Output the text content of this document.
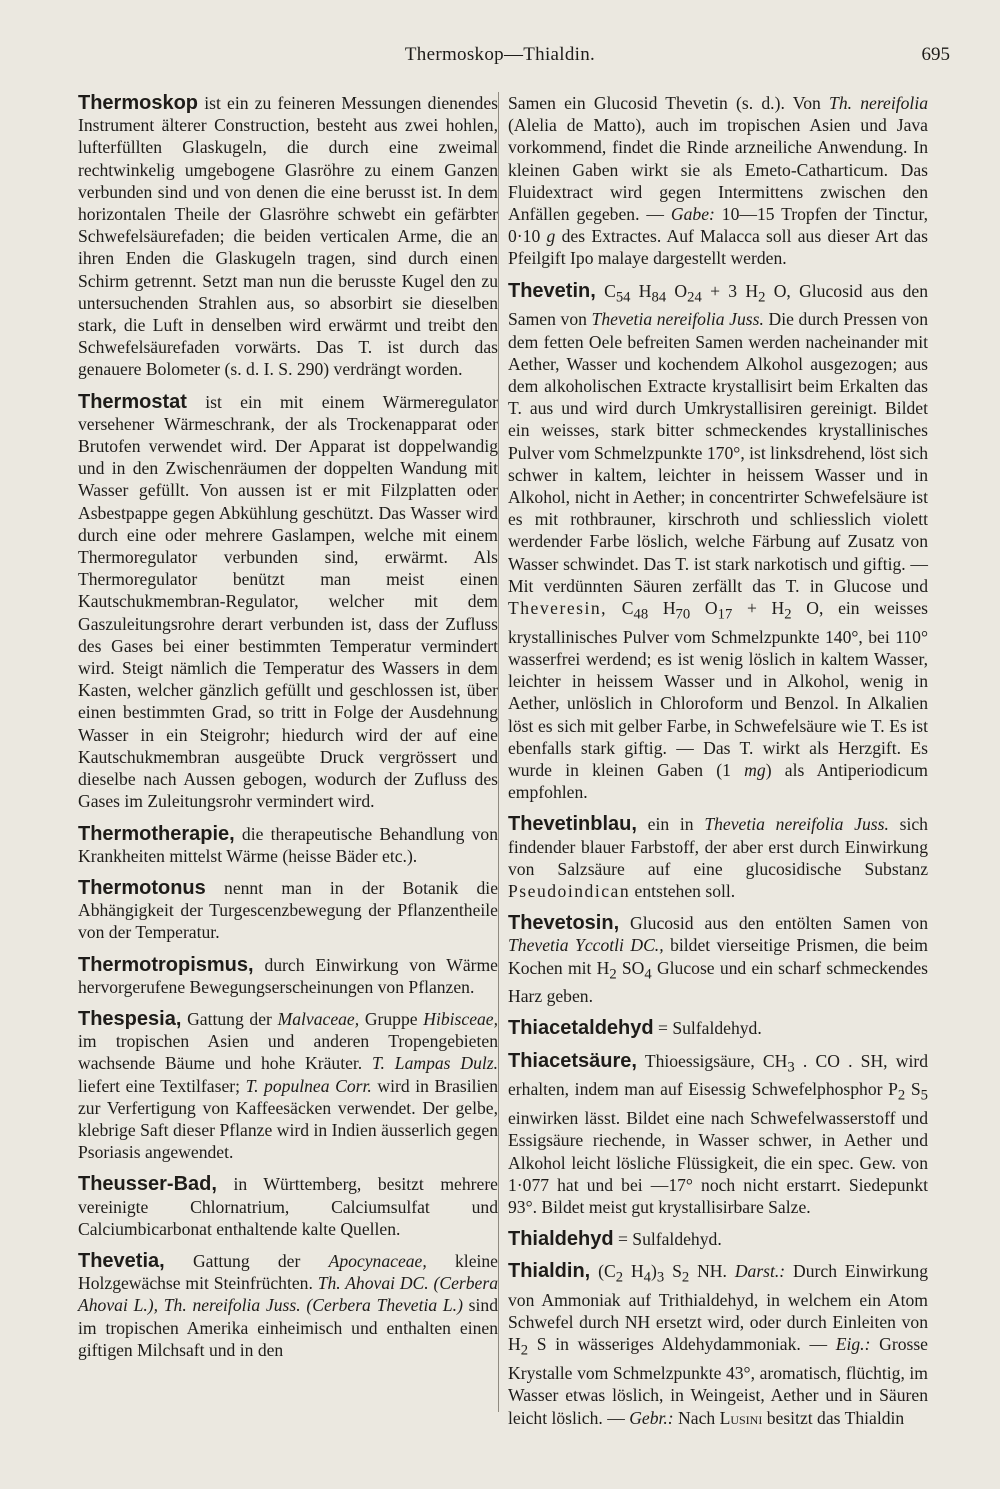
Thermoskop—Thialdin.	695

Thermoskop ist ein zu feineren Messungen dienendes Instrument älterer Construction, besteht aus zwei hohlen, lufterfüllten Glaskugeln, die durch eine zweimal rechtwinkelig umgebogene Glasröhre zu einem Ganzen verbunden sind und von denen die eine berusst ist. In dem horizontalen Theile der Glasröhre schwebt ein gefärbter Schwefelsäurefaden; die beiden verticalen Arme, die an ihren Enden die Glaskugeln tragen, sind durch einen Schirm getrennt. Setzt man nun die berusste Kugel den zu untersuchenden Strahlen aus, so absorbirt sie dieselben stark, die Luft in denselben wird erwärmt und treibt den Schwefelsäurefaden vorwärts. Das T. ist durch das genauere Bolometer (s. d. I. S. 290) verdrängt worden.

Thermostat ist ein mit einem Wärmeregulator versehener Wärmeschrank, der als Trockenapparat oder Brutofen verwendet wird. Der Apparat ist doppelwandig und in den Zwischenräumen der doppelten Wandung mit Wasser gefüllt. Von aussen ist er mit Filzplatten oder Asbestpappe gegen Abkühlung geschützt. Das Wasser wird durch eine oder mehrere Gaslampen, welche mit einem Thermoregulator verbunden sind, erwärmt. Als Thermoregulator benützt man meist einen Kautschukmembran-Regulator, welcher mit dem Gaszuleitungsrohre derart verbunden ist, dass der Zufluss des Gases bei einer bestimmten Temperatur vermindert wird. Steigt nämlich die Temperatur des Wassers in dem Kasten, welcher gänzlich gefüllt und geschlossen ist, über einen bestimmten Grad, so tritt in Folge der Ausdehnung Wasser in ein Steigrohr; hiedurch wird der auf eine Kautschukmembran ausgeübte Druck vergrössert und dieselbe nach Aussen gebogen, wodurch der Zufluss des Gases im Zuleitungsrohr vermindert wird.

Thermotherapie, die therapeutische Behandlung von Krankheiten mittelst Wärme (heisse Bäder etc.).

Thermotonus nennt man in der Botanik die Abhängigkeit der Turgescenzbewegung der Pflanzentheile von der Temperatur.

Thermotropismus, durch Einwirkung von Wärme hervorgerufene Bewegungserscheinungen von Pflanzen.

Thespesia, Gattung der Malvaceae, Gruppe Hibisceae, im tropischen Asien und anderen Tropengebieten wachsende Bäume und hohe Kräuter. T. Lampas Dulz. liefert eine Textilfaser; T. populnea Corr. wird in Brasilien zur Verfertigung von Kaffeesäcken verwendet. Der gelbe, klebrige Saft dieser Pflanze wird in Indien äusserlich gegen Psoriasis angewendet.

Theusser-Bad, in Württemberg, besitzt mehrere vereinigte Chlornatrium, Calciumsulfat und Calciumbicarbonat enthaltende kalte Quellen.

Thevetia, Gattung der Apocynaceae, kleine Holzgewächse mit Steinfrüchten. Th. Ahovai DC. (Cerbera Ahovai L.), Th. nereifolia Juss. (Cerbera Thevetia L.) sind im tropischen Amerika einheimisch und enthalten einen giftigen Milchsaft und in den

Samen ein Glucosid Thevetin (s. d.). Von Th. nereifolia (Alelia de Matto), auch im tropischen Asien und Java vorkommend, findet die Rinde arzneiliche Anwendung. In kleinen Gaben wirkt sie als Emeto-Catharticum. Das Fluidextract wird gegen Intermittens zwischen den Anfällen gegeben. — Gabe: 10—15 Tropfen der Tinctur, 0·10 g des Extractes. Auf Malacca soll aus dieser Art das Pfeilgift Ipo malaye dargestellt werden.

Thevetin, $C_{54}$ $H_{84}$ $O_{24} + 3$ $H_2$ O, Glucosid aus den Samen von Thevetia nereifolia Juss. Die durch Pressen von dem fetten Oele befreiten Samen werden nacheinander mit Aether, Wasser und kochendem Alkohol ausgezogen; aus dem alkoholischen Extracte krystallisirt beim Erkalten das T. aus und wird durch Umkrystallisiren gereinigt. Bildet ein weisses, stark bitter schmeckendes krystallinisches Pulver vom Schmelzpunkte 170°, ist linksdrehend, löst sich schwer in kaltem, leichter in heissem Wasser und in Alkohol, nicht in Aether; in concentrirter Schwefelsäure ist es mit rothbrauner, kirschroth und schliesslich violett werdender Farbe löslich, welche Färbung auf Zusatz von Wasser schwindet. Das T. ist stark narkotisch und giftig. — Mit verdünnten Säuren zerfällt das T. in Glucose und Theveresin, $C_{48}$ $H_{70}$ $O_{17} + H_2$ O, ein weisses krystallinisches Pulver vom Schmelzpunkte 140°, bei 110° wasserfrei werdend; es ist wenig löslich in kaltem Wasser, leichter in heissem Wasser und in Alkohol, wenig in Aether, unlöslich in Chloroform und Benzol. In Alkalien löst es sich mit gelber Farbe, in Schwefelsäure wie T. Es ist ebenfalls stark giftig. — Das T. wirkt als Herzgift. Es wurde in kleinen Gaben (1 mg) als Antiperiodicum empfohlen.

Thevetinblau, ein in Thevetia nereifolia Juss. sich findender blauer Farbstoff, der aber erst durch Einwirkung von Salzsäure auf eine glucosidische Substanz Pseudoindican entstehen soll.

Thevetosin, Glucosid aus den entölten Samen von Thevetia Yccotli DC., bildet vierseitige Prismen, die beim Kochen mit $H_2$ $SO_4$ Glucose und ein scharf schmeckendes Harz geben.

Thiacetaldehyd = Sulfaldehyd.

Thiacetsäure, Thioessigsäure, $CH_3$ . CO . SH, wird erhalten, indem man auf Eisessig Schwefelphosphor $P_2$ $S_5$ einwirken lässt. Bildet eine nach Schwefelwasserstoff und Essigsäure riechende, in Wasser schwer, in Aether und Alkohol leicht lösliche Flüssigkeit, die ein spec. Gew. von 1·077 hat und bei —17° noch nicht erstarrt. Siedepunkt 93°. Bildet meist gut krystallisirbare Salze.

Thialdehyd = Sulfaldehyd.

Thialdin, ($C_2$ $H_4)_3$ $S_2$ NH. Darst.: Durch Einwirkung von Ammoniak auf Trithialdehyd, in welchem ein Atom Schwefel durch NH ersetzt wird, oder durch Einleiten von $H_2$ S in wässeriges Aldehydammoniak. — Eig.: Grosse Krystalle vom Schmelzpunkte 43°, aromatisch, flüchtig, im Wasser etwas löslich, in Weingeist, Aether und in Säuren leicht löslich. — Gebr.: Nach Lusini besitzt das Thialdin
